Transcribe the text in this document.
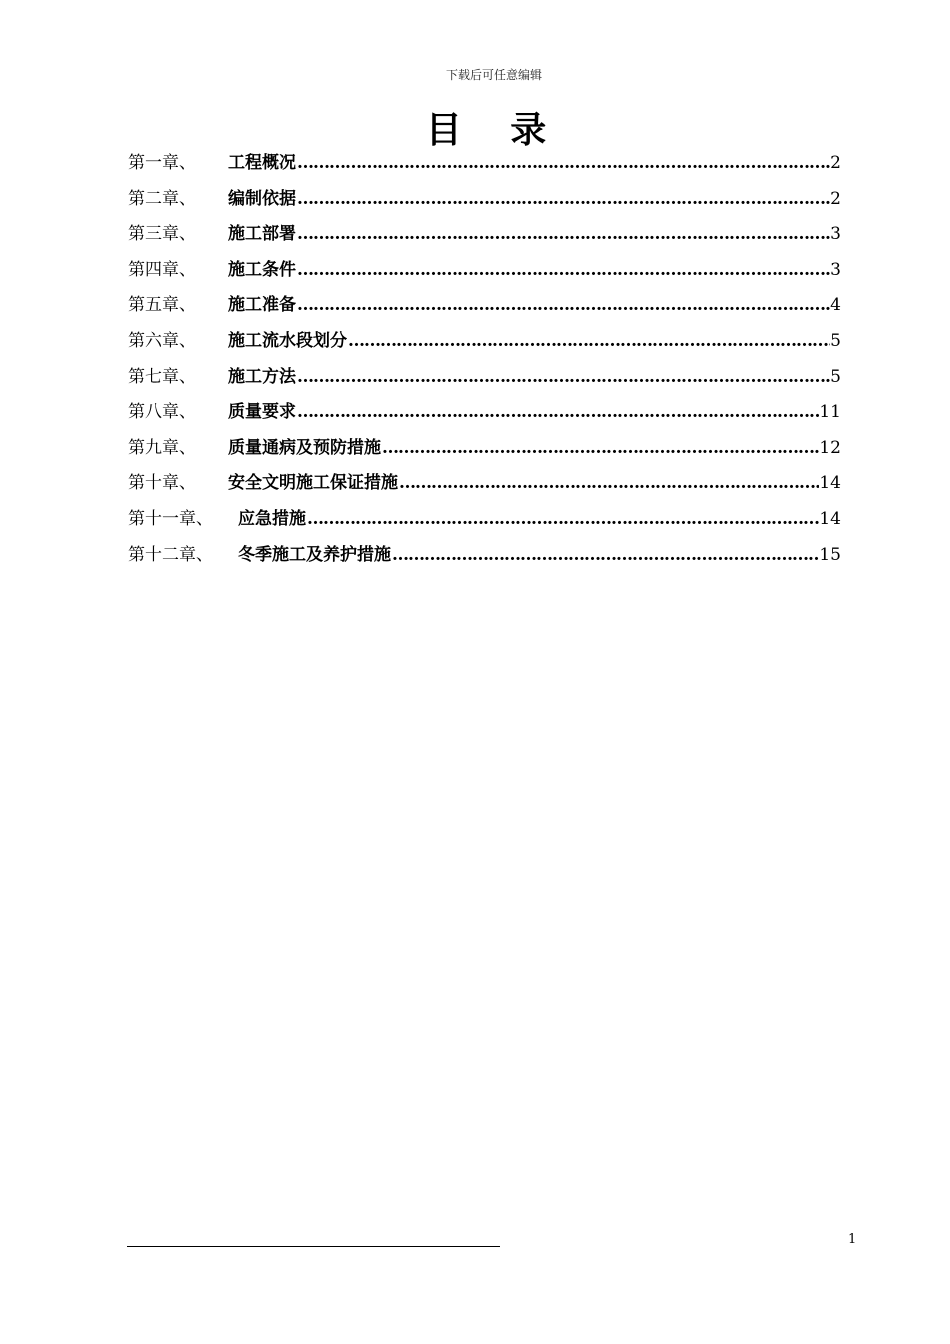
下载后可任意编辑
目 录
第一章、	工程概况 ……………………………………………………………………………………………………………………………………………………………………………………………………………………	2
第二章、	编制依据 ……………………………………………………………………………………………………………………………………………………………………………………………………………………	2
第三章、	施工部署 ……………………………………………………………………………………………………………………………………………………………………………………………………………………	3
第四章、	施工条件 ……………………………………………………………………………………………………………………………………………………………………………………………………………………	3
第五章、	施工准备 ……………………………………………………………………………………………………………………………………………………………………………………………………………………	4
第六章、	施工流水段划分 ……………………………………………………………………………………………………………………………………………………………………………………………………………………	5
第七章、	施工方法 ……………………………………………………………………………………………………………………………………………………………………………………………………………………	5
第八章、	质量要求 ……………………………………………………………………………………………………………………………………………………………………………………………………………………	11
第九章、	质量通病及预防措施 ……………………………………………………………………………………………………………………………………………………………………………………………………………………	12
第十章、	安全文明施工保证措施 ……………………………………………………………………………………………………………………………………………………………………………………………………………………	14
第十一章、	应急措施 ……………………………………………………………………………………………………………………………………………………………………………………………………………………	14
第十二章、	冬季施工及养护措施 ……………………………………………………………………………………………………………………………………………………………………………………………………………………	15
1
